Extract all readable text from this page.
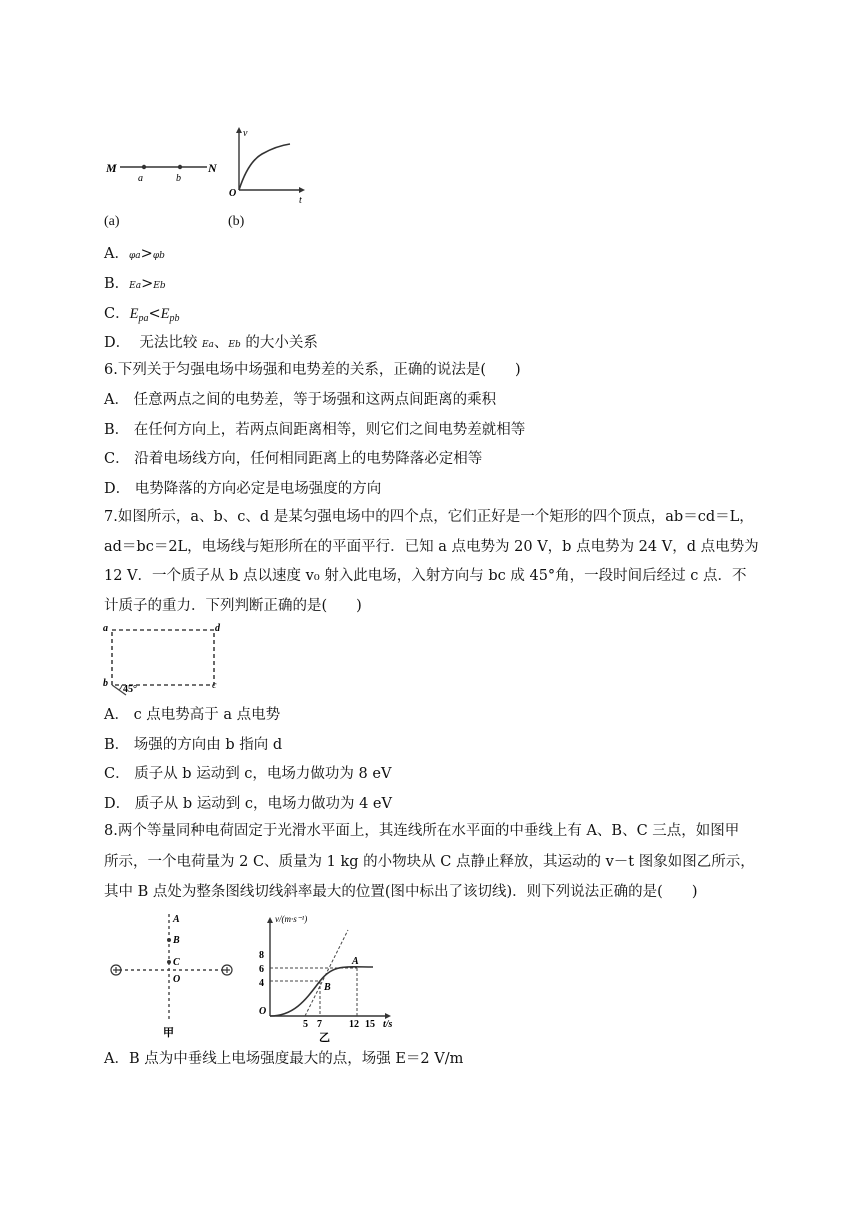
M	N
a	b
v
O
t
(a)	(b)
A．φa>φb
B．Ea>Eb
C．$E_{pa}<E_{pb}$
D．  无法比较 Ea、Eb 的大小关系
6.下列关于匀强电场中场强和电势差的关系，正确的说法是(　　)
A． 任意两点之间的电势差，等于场强和这两点间距离的乘积
B． 在任何方向上，若两点间距离相等，则它们之间电势差就相等
C． 沿着电场线方向，任何相同距离上的电势降落必定相等
D． 电势降落的方向必定是电场强度的方向
7.如图所示，a、b、c、d 是某匀强电场中的四个点，它们正好是一个矩形的四个顶点，ab＝cd＝L，
ad＝bc＝2L，电场线与矩形所在的平面平行．已知 a 点电势为 20 V，b 点电势为 24 V，d 点电势为
12 V．一个质子从 b 点以速度 v₀ 射入此电场，入射方向与 bc 成 45°角，一段时间后经过 c 点．不
计质子的重力．下列判断正确的是(　　)
a	d
b	c
45°
A． c 点电势高于 a 点电势
B． 场强的方向由 b 指向 d
C． 质子从 b 运动到 c，电场力做功为 8 eV
D． 质子从 b 运动到 c，电场力做功为 4 eV
8.两个等量同种电荷固定于光滑水平面上，其连线所在水平面的中垂线上有 A、B、C 三点，如图甲
所示，一个电荷量为 2 C、质量为 1 kg 的小物块从 C 点静止释放，其运动的 v－t 图象如图乙所示，
其中 B 点处为整条图线切线斜率最大的位置(图中标出了该切线)．则下列说法正确的是(　　)
A
B
C
O
甲
v/(m·s⁻¹)
8
6
4
O
5 7	12 15 t/s
A
B
乙
A．B 点为中垂线上电场强度最大的点，场强 E＝2 V/m
